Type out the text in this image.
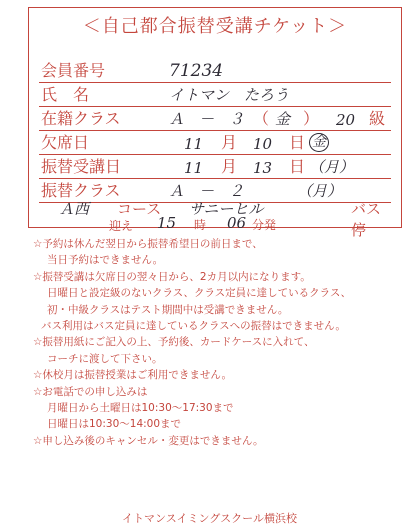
＜自己都合振替受講チケット＞
会員番号	71234
氏　名	イトマン　たろう
在籍クラス	Ａ　－　３ （ 金 ） 20 級
欠席日	11 月 10 日 金
振替受講日	11 月 13 日 （月）
振替クラス	Ａ　－　２	（月）
Ａ西 コース サニーヒル	バス停
迎え 15 時 06 分発
☆予約は休んだ翌日から振替希望日の前日まで、
当日予約はできません。
☆振替受講は欠席日の翌々日から、2カ月以内になります。
日曜日と設定級のないクラス、クラス定員に達しているクラス、
初・中級クラスはテスト期間中は受講できません。
バス利用はバス定員に達しているクラスへの振替はできません。
☆振替用紙にご記入の上、予約後、カードケースに入れて、
コーチに渡して下さい。
☆休校月は振替授業はご利用できません。
☆お電話での申し込みは
月曜日から土曜日は10:30～17:30まで
日曜日は10:30～14:00まで
☆申し込み後のキャンセル・変更はできません。
イトマンスイミングスクール横浜校
